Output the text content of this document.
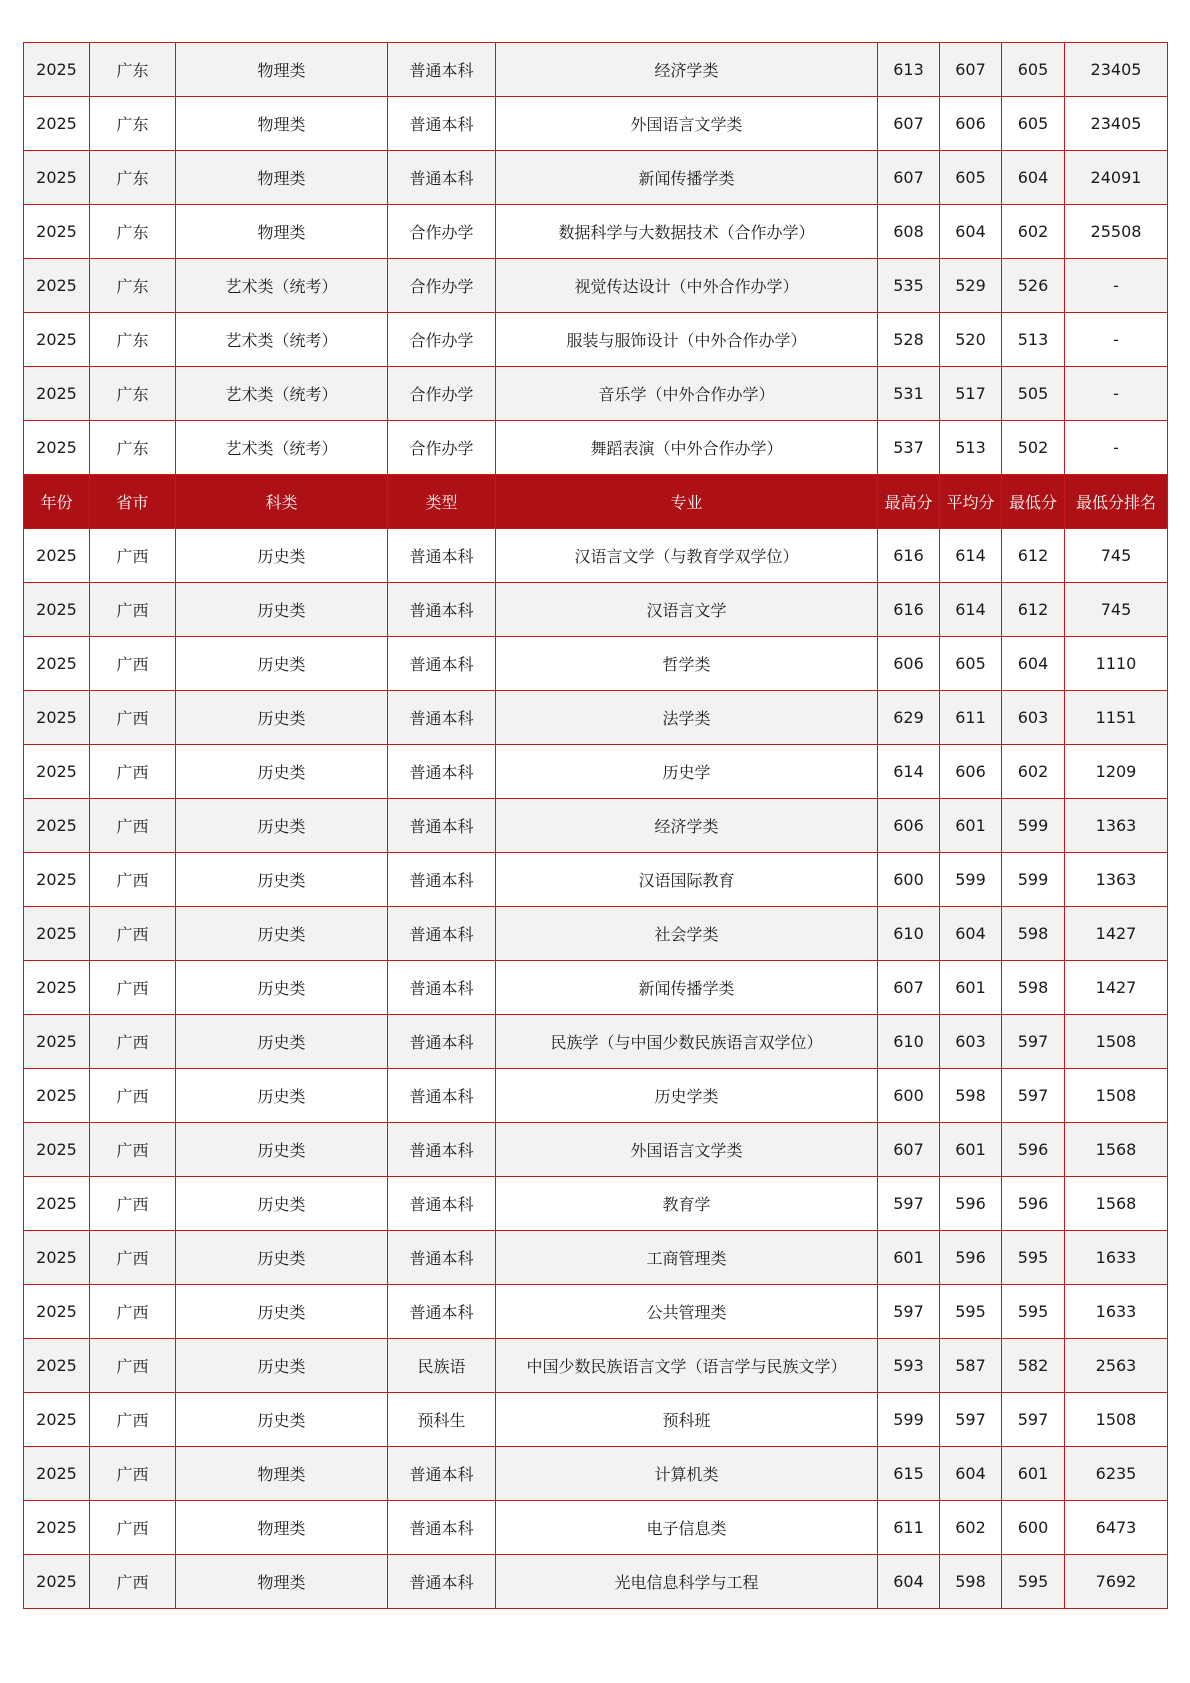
2025	广东	物理类	普通本科	经济学类	613	607	605	23405
2025	广东	物理类	普通本科	外国语言文学类	607	606	605	23405
2025	广东	物理类	普通本科	新闻传播学类	607	605	604	24091
2025	广东	物理类	合作办学	数据科学与大数据技术（合作办学）	608	604	602	25508
2025	广东	艺术类（统考）	合作办学	视觉传达设计（中外合作办学）	535	529	526	-
2025	广东	艺术类（统考）	合作办学	服装与服饰设计（中外合作办学）	528	520	513	-
2025	广东	艺术类（统考）	合作办学	音乐学（中外合作办学）	531	517	505	-
2025	广东	艺术类（统考）	合作办学	舞蹈表演（中外合作办学）	537	513	502	-
年份	省市	科类	类型	专业	最高分	平均分	最低分	最低分排名
2025	广西	历史类	普通本科	汉语言文学（与教育学双学位）	616	614	612	745
2025	广西	历史类	普通本科	汉语言文学	616	614	612	745
2025	广西	历史类	普通本科	哲学类	606	605	604	1110
2025	广西	历史类	普通本科	法学类	629	611	603	1151
2025	广西	历史类	普通本科	历史学	614	606	602	1209
2025	广西	历史类	普通本科	经济学类	606	601	599	1363
2025	广西	历史类	普通本科	汉语国际教育	600	599	599	1363
2025	广西	历史类	普通本科	社会学类	610	604	598	1427
2025	广西	历史类	普通本科	新闻传播学类	607	601	598	1427
2025	广西	历史类	普通本科	民族学（与中国少数民族语言双学位）	610	603	597	1508
2025	广西	历史类	普通本科	历史学类	600	598	597	1508
2025	广西	历史类	普通本科	外国语言文学类	607	601	596	1568
2025	广西	历史类	普通本科	教育学	597	596	596	1568
2025	广西	历史类	普通本科	工商管理类	601	596	595	1633
2025	广西	历史类	普通本科	公共管理类	597	595	595	1633
2025	广西	历史类	民族语	中国少数民族语言文学（语言学与民族文学）	593	587	582	2563
2025	广西	历史类	预科生	预科班	599	597	597	1508
2025	广西	物理类	普通本科	计算机类	615	604	601	6235
2025	广西	物理类	普通本科	电子信息类	611	602	600	6473
2025	广西	物理类	普通本科	光电信息科学与工程	604	598	595	7692
